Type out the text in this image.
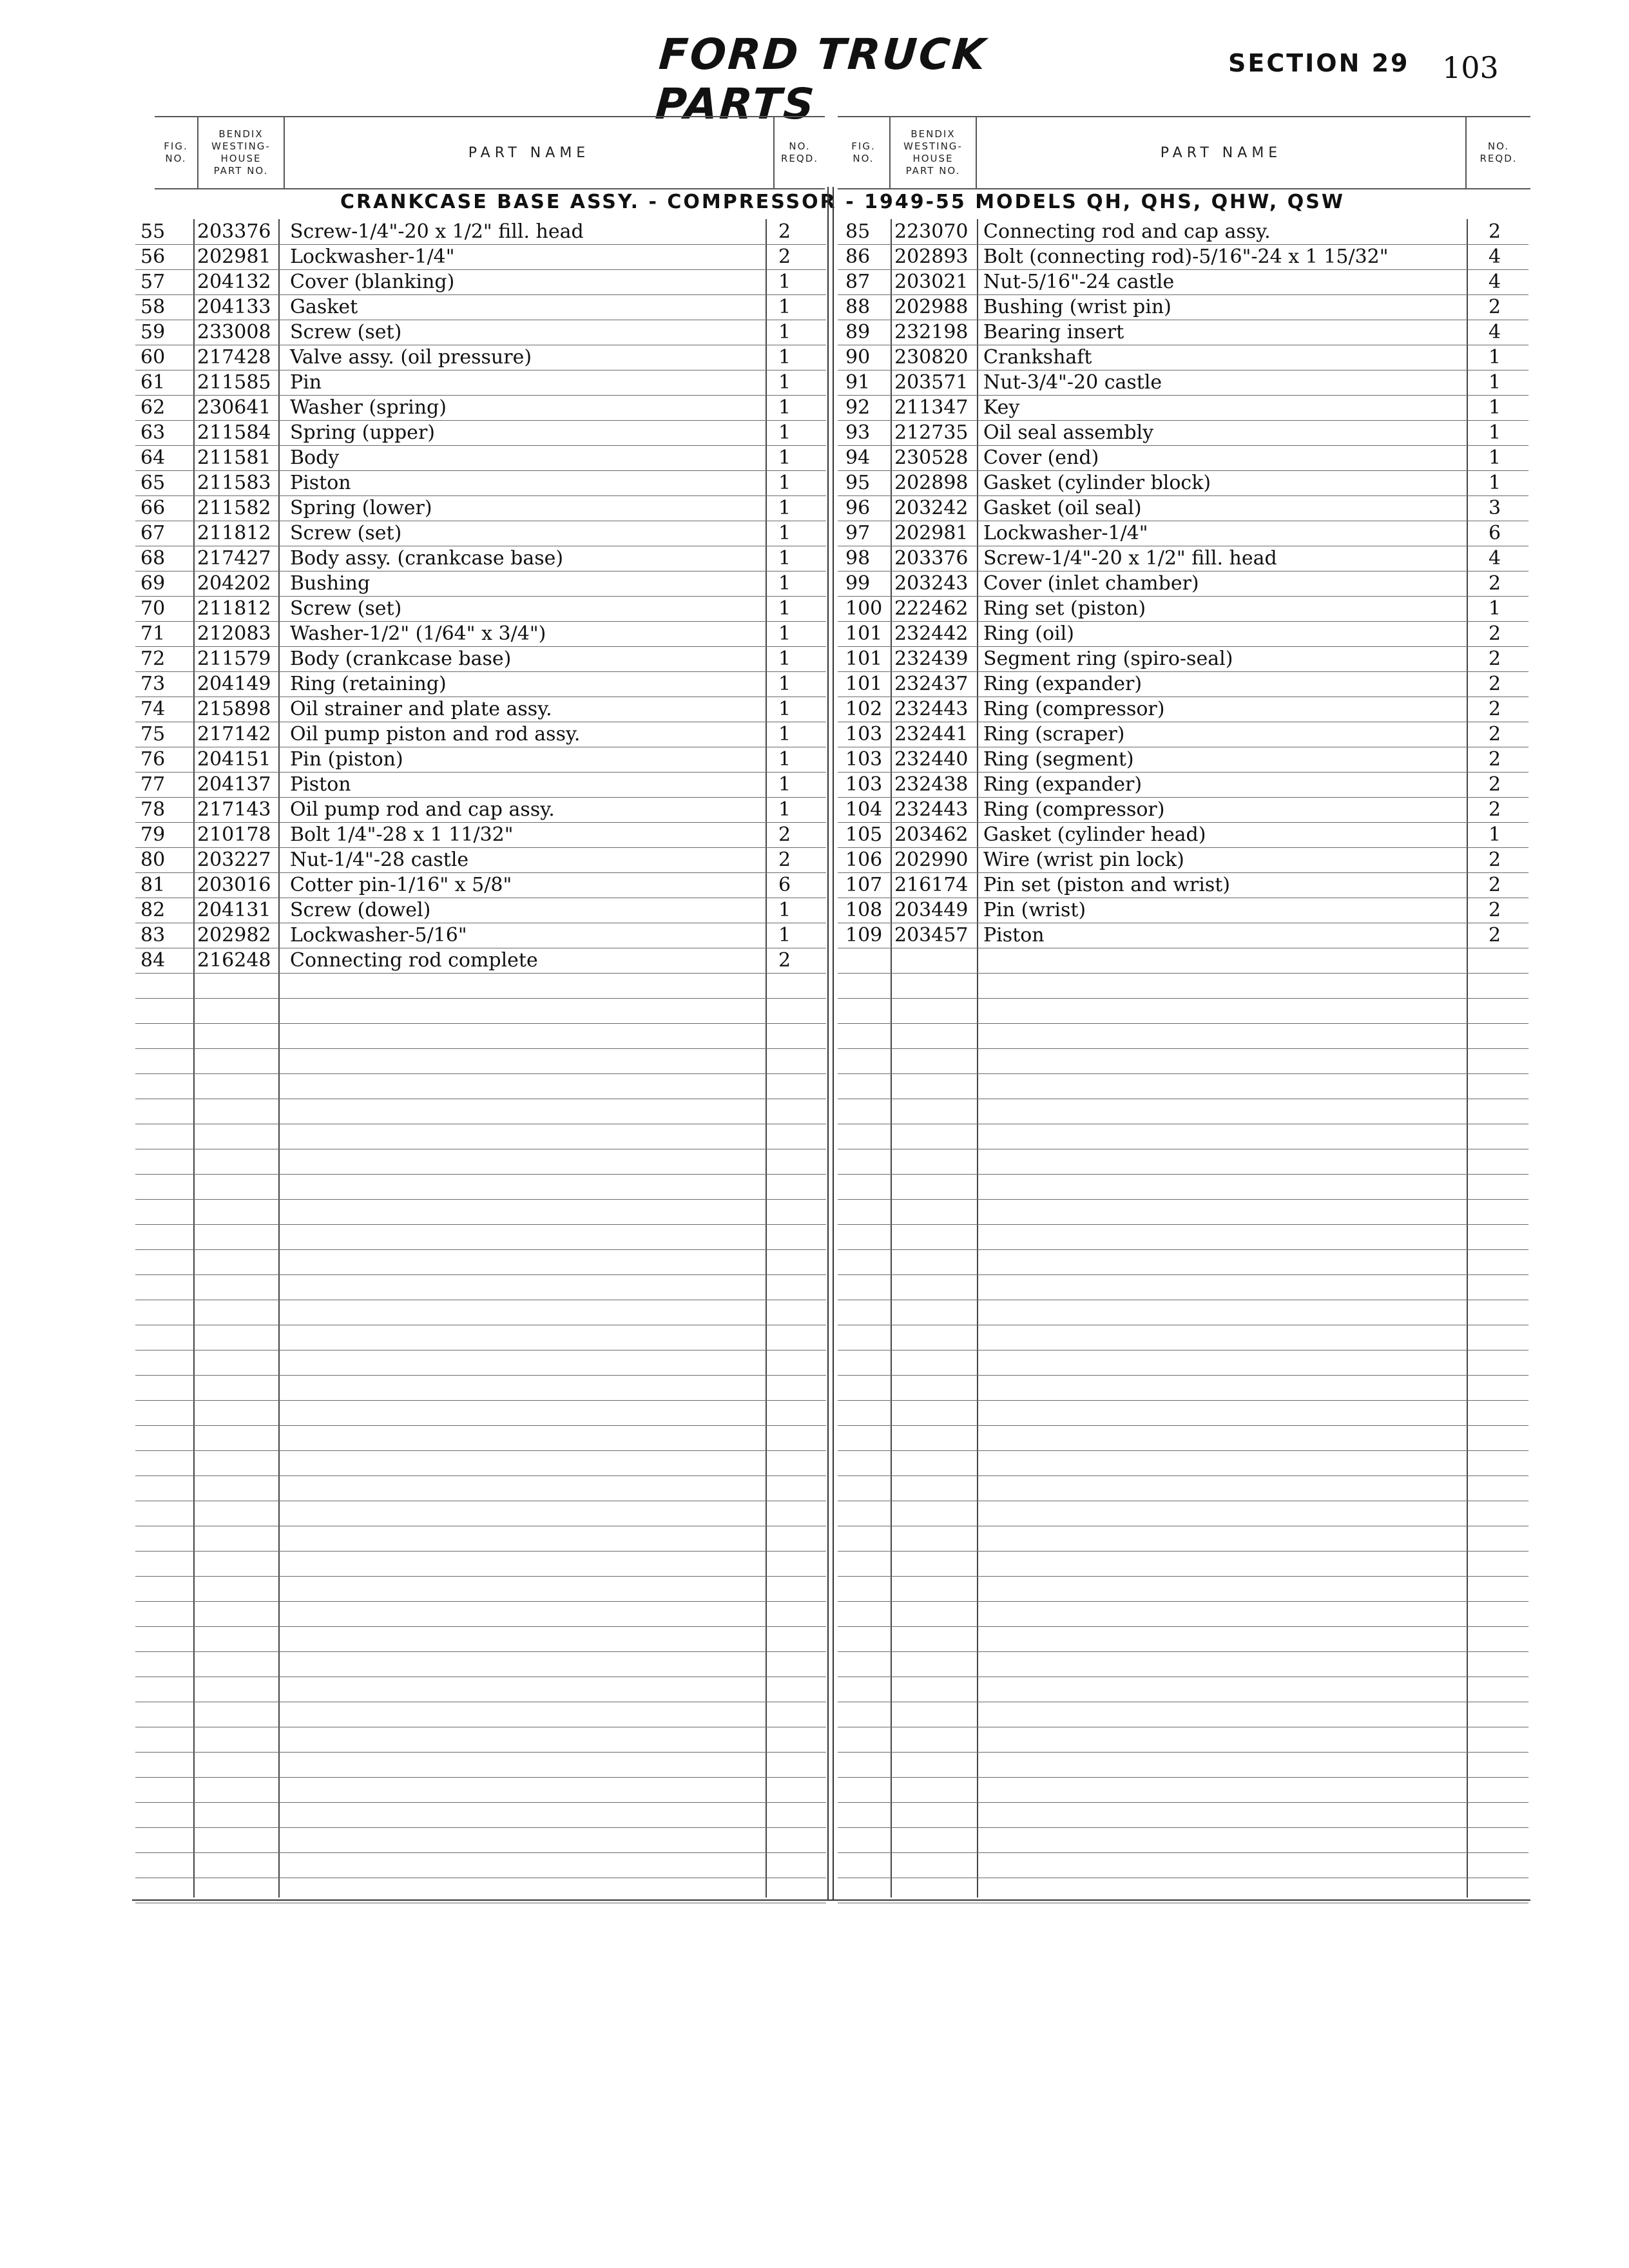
FORD TRUCK PARTS
SECTION 29 103
FIG.
NO.
BENDIX
WESTING-
HOUSE
PART NO.
PART NAME	NO.
REQD.
FIG.
NO.
BENDIX
WESTING-
HOUSE
PART NO.
PART NAME	NO.
REQD.
CRANKCASE BASE ASSY. - COMPRESSOR - 1949-55 MODELS QH, QHS, QHW, QSW
55 203376 Screw-1/4"-20 x 1/2" fill. head	2
56 202981 Lockwasher-1/4"	2
57 204132 Cover (blanking)	1
58 204133 Gasket	1
59 233008 Screw (set)	1
60 217428 Valve assy. (oil pressure)	1
61 211585 Pin	1
62 230641 Washer (spring)	1
63 211584 Spring (upper)	1
64 211581 Body	1
65 211583 Piston	1
66 211582 Spring (lower)	1
67 211812 Screw (set)	1
68 217427 Body assy. (crankcase base)	1
69 204202 Bushing	1
70 211812 Screw (set)	1
71 212083 Washer-1/2" (1/64" x 3/4")	1
72 211579 Body (crankcase base)	1
73 204149 Ring (retaining)	1
74 215898 Oil strainer and plate assy.	1
75 217142 Oil pump piston and rod assy.	1
76 204151 Pin (piston)	1
77 204137 Piston	1
78 217143 Oil pump rod and cap assy.	1
79 210178 Bolt 1/4"-28 x 1 11/32"	2
80 203227 Nut-1/4"-28 castle	2
81 203016 Cotter pin-1/16" x 5/8"	6
82 204131 Screw (dowel)	1
83 202982 Lockwasher-5/16"	1
84 216248 Connecting rod complete	2
85 223070 Connecting rod and cap assy.	2
86 202893 Bolt (connecting rod)-5/16"-24 x 1 15/32"	4
87 203021 Nut-5/16"-24 castle	4
88 202988 Bushing (wrist pin)	2
89 232198 Bearing insert	4
90 230820 Crankshaft	1
91 203571 Nut-3/4"-20 castle	1
92 211347 Key	1
93 212735 Oil seal assembly	1
94 230528 Cover (end)	1
95 202898 Gasket (cylinder block)	1
96 203242 Gasket (oil seal)	3
97 202981 Lockwasher-1/4"	6
98 203376 Screw-1/4"-20 x 1/2" fill. head	4
99 203243 Cover (inlet chamber)	2
100 222462 Ring set (piston)	1
101 232442 Ring (oil)	2
101 232439 Segment ring (spiro-seal)	2
101 232437 Ring (expander)	2
102 232443 Ring (compressor)	2
103 232441 Ring (scraper)	2
103 232440 Ring (segment)	2
103 232438 Ring (expander)	2
104 232443 Ring (compressor)	2
105 203462 Gasket (cylinder head)	1
106 202990 Wire (wrist pin lock)	2
107 216174 Pin set (piston and wrist)	2
108 203449 Pin (wrist)	2
109 203457 Piston	2
